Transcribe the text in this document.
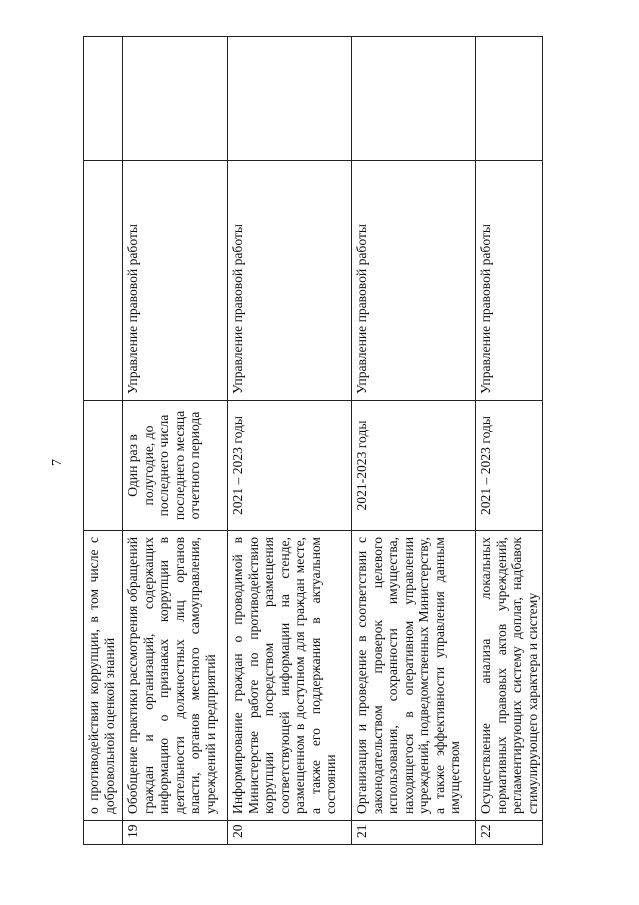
7
	о противодействии коррупции, в том числе с добровольной оценкой знаний			
19	Обобщение практики рассмотрения обращений граждан и организаций, содержащих информацию о признаках коррупции в деятельности должностных лиц органов власти, органов местного самоуправления, учреждений и предприятий	Один раз в полугодие, до последнего числа последнего месяца отчетного периода	Управление правовой работы	
20	Информирование граждан о проводимой в Министерстве работе по противодействию коррупции посредством размещения соответствующей информации на стенде, размещенном в доступном для граждан месте, а также его поддержания в актуальном состоянии	2021 – 2023 годы	Управление правовой работы	
21	Организация и проведение в соответствии с законодательством проверок целевого использования, сохранности имущества, находящегося в оперативном управлении учреждений, подведомственных Министерству, а также эффективности управления данным имуществом	2021-2023 годы	Управление правовой работы	
22	Осуществление анализа локальных нормативных правовых актов учреждений, регламентирующих систему доплат, надбавок стимулирующего характера и систему	2021 – 2023 годы	Управление правовой работы	
